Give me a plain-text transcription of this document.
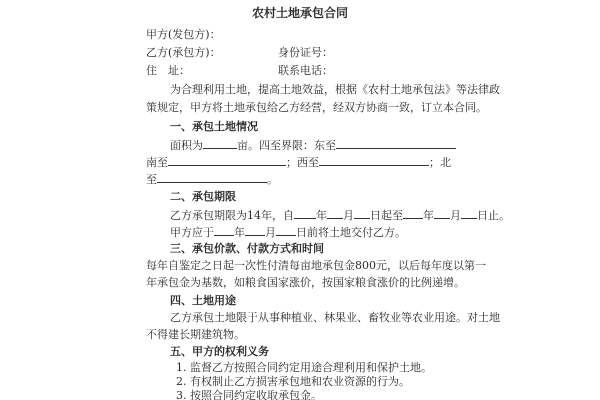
农村土地承包合同
甲方(发包方)：
乙方(承包方)：	身份证号：
住　址：	联系电话：
为合理利用土地，提高土地效益，根据《农村土地承包法》等法律政
策规定，甲方将土地承包给乙方经营，经双方协商一致，订立本合同。
一、承包土地情况
面积为	亩。四至界限：东至
南至	；西至	；北
至	。
二、承包期限
乙方承包期限为14年，自 年 月 日起至 年 月 日止。
甲方应于 年 月 日前将土地交付乙方。
三、承包价款、付款方式和时间
每年自鉴定之日起一次性付清每亩地承包金800元，以后每年度以第一
年承包金为基数，如粮食国家涨价，按国家粮食涨价的比例递增。
四、土地用途
乙方承包土地限于从事种植业、林果业、畜牧业等农业用途。对土地
不得建长期建筑物。
五、甲方的权利义务
1. 监督乙方按照合同约定用途合理利用和保护土地。
2. 有权制止乙方损害承包地和农业资源的行为。
3. 按照合同约定收取承包金。
